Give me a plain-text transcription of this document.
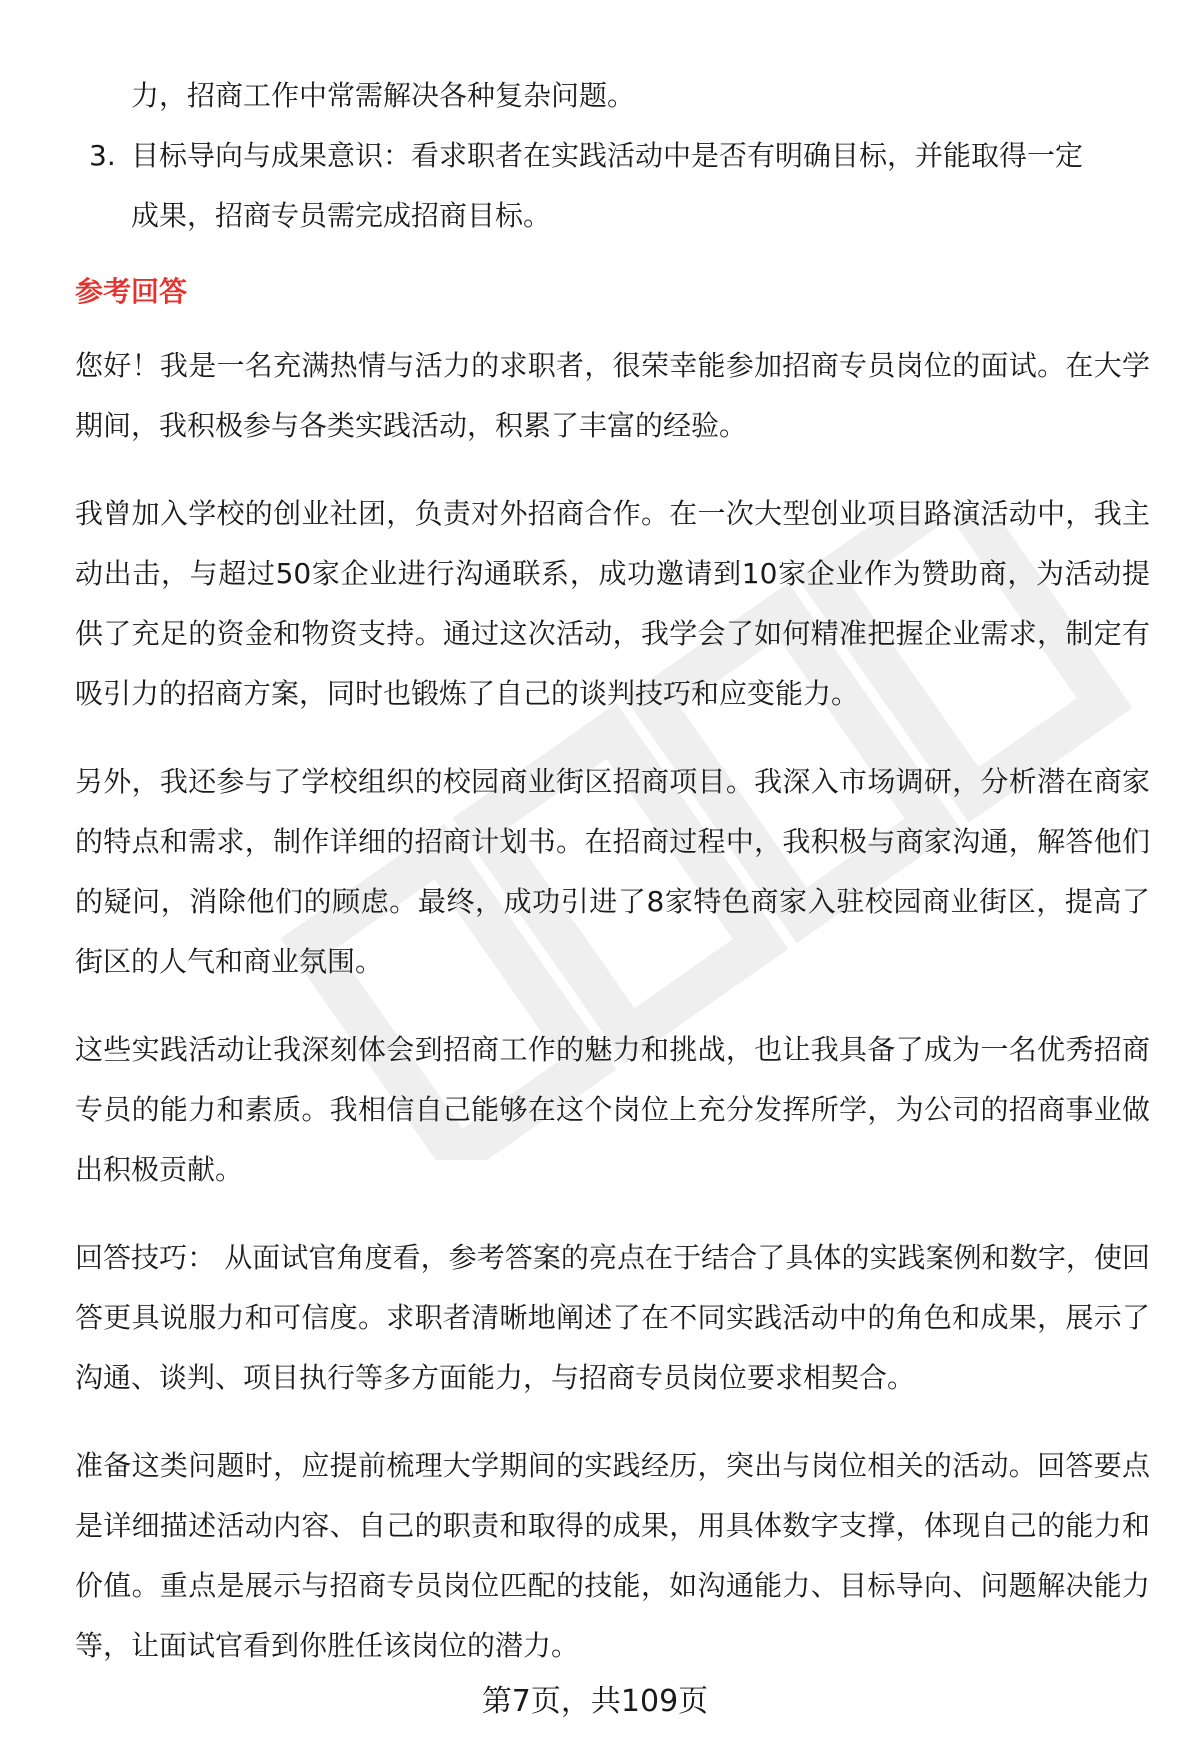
力，招商工作中常需解决各种复杂问题。

3. 目标导向与成果意识：看求职者在实践活动中是否有明确目标，并能取得一定

成果，招商专员需完成招商目标。

参考回答

您好！我是一名充满热情与活力的求职者，很荣幸能参加招商专员岗位的面试。在大学期间，我积极参与各类实践活动，积累了丰富的经验。

我曾加入学校的创业社团，负责对外招商合作。在一次大型创业项目路演活动中，我主动出击，与超过50家企业进行沟通联系，成功邀请到10家企业作为赞助商，为活动提供了充足的资金和物资支持。通过这次活动，我学会了如何精准把握企业需求，制定有吸引力的招商方案，同时也锻炼了自己的谈判技巧和应变能力。

另外，我还参与了学校组织的校园商业街区招商项目。我深入市场调研，分析潜在商家的特点和需求，制作详细的招商计划书。在招商过程中，我积极与商家沟通，解答他们的疑问，消除他们的顾虑。最终，成功引进了8家特色商家入驻校园商业街区，提高了街区的人气和商业氛围。

这些实践活动让我深刻体会到招商工作的魅力和挑战，也让我具备了成为一名优秀招商专员的能力和素质。我相信自己能够在这个岗位上充分发挥所学，为公司的招商事业做出积极贡献。

回答技巧： 从面试官角度看，参考答案的亮点在于结合了具体的实践案例和数字，使回答更具说服力和可信度。求职者清晰地阐述了在不同实践活动中的角色和成果，展示了沟通、谈判、项目执行等多方面能力，与招商专员岗位要求相契合。

准备这类问题时，应提前梳理大学期间的实践经历，突出与岗位相关的活动。回答要点是详细描述活动内容、自己的职责和取得的成果，用具体数字支撑，体现自己的能力和价值。重点是展示与招商专员岗位匹配的技能，如沟通能力、目标导向、问题解决能力等，让面试官看到你胜任该岗位的潜力。

第7页，共109页
